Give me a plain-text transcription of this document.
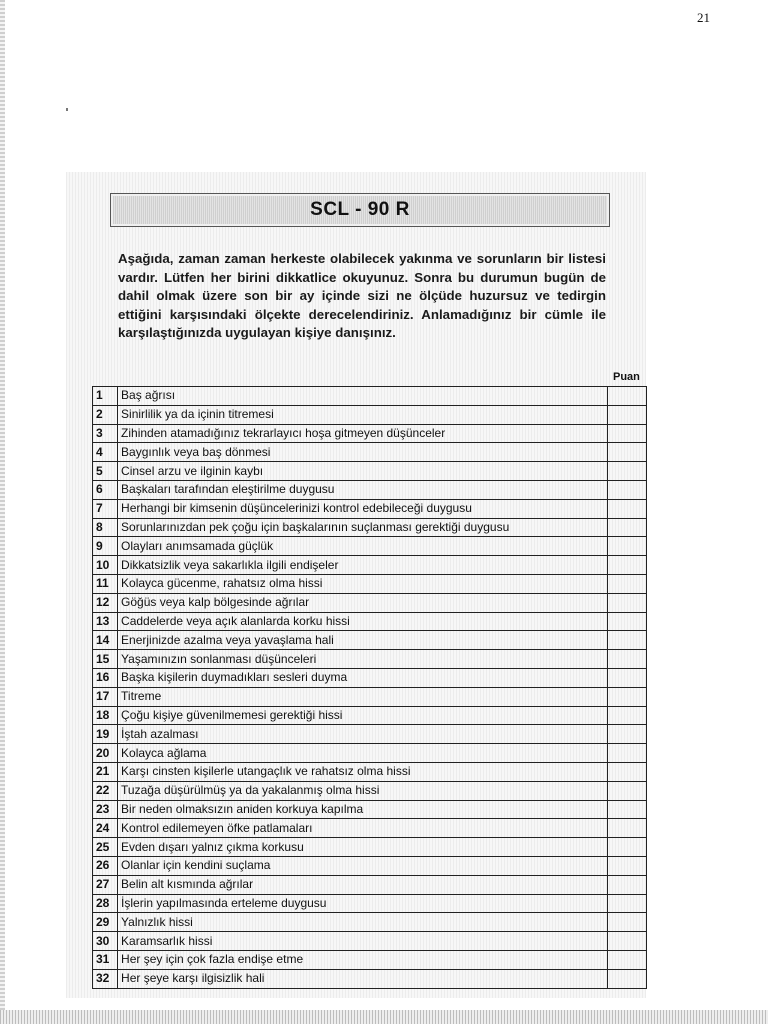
21
SCL - 90 R
Aşağıda, zaman zaman herkeste olabilecek yakınma ve sorunların bir listesi vardır. Lütfen her birini dikkatlice okuyunuz. Sonra bu durumun bugün de dahil olmak üzere son bir ay içinde sizi ne ölçüde huzursuz ve tedirgin ettiğini karşısındaki ölçekte derecelendiriniz. Anlamadığınız bir cümle ile karşılaştığınızda uygulayan kişiye danışınız.
Puan
1	Baş ağrısı	
2	Sinirlilik ya da içinin titremesi	
3	Zihinden atamadığınız tekrarlayıcı hoşa gitmeyen düşünceler	
4	Baygınlık veya baş dönmesi	
5	Cinsel arzu ve ilginin kaybı	
6	Başkaları tarafından eleştirilme duygusu	
7	Herhangi bir kimsenin düşüncelerinizi kontrol edebileceği duygusu	
8	Sorunlarınızdan pek çoğu için başkalarının suçlanması gerektiği duygusu	
9	Olayları anımsamada güçlük	
10	Dikkatsizlik veya sakarlıkla ilgili endişeler	
11	Kolayca gücenme, rahatsız olma hissi	
12	Göğüs veya kalp bölgesinde ağrılar	
13	Caddelerde veya açık alanlarda korku hissi	
14	Enerjinizde azalma veya yavaşlama hali	
15	Yaşamınızın sonlanması düşünceleri	
16	Başka kişilerin duymadıkları sesleri duyma	
17	Titreme	
18	Çoğu kişiye güvenilmemesi gerektiği hissi	
19	İştah azalması	
20	Kolayca ağlama	
21	Karşı cinsten kişilerle utangaçlık ve rahatsız olma hissi	
22	Tuzağa düşürülmüş ya da yakalanmış olma hissi	
23	Bir neden olmaksızın aniden korkuya kapılma	
24	Kontrol edilemeyen öfke patlamaları	
25	Evden dışarı yalnız çıkma korkusu	
26	Olanlar için kendini suçlama	
27	Belin alt kısmında ağrılar	
28	İşlerin yapılmasında erteleme duygusu	
29	Yalnızlık hissi	
30	Karamsarlık hissi	
31	Her şey için çok fazla endişe etme	
32	Her şeye karşı ilgisizlik hali	
